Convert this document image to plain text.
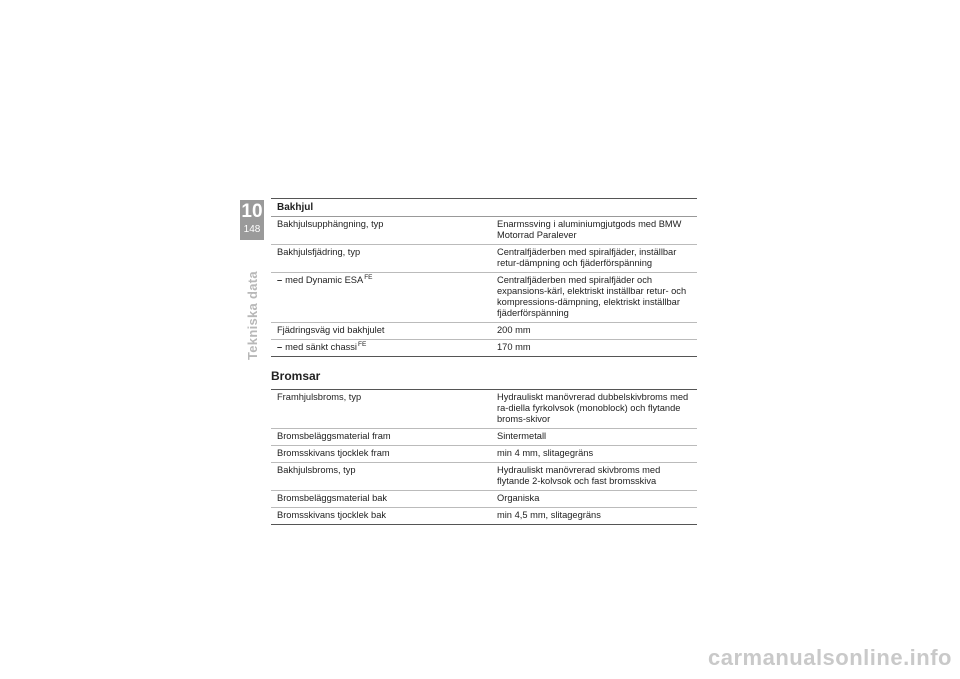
10
148
Tekniska data
Bakhjul
Bakhjulsupphängning, typ	Enarmssving i aluminiumgjutgods med BMW Motorrad Paralever
Bakhjulsfjädring, typ	Centralfjäderben med spiralfjäder, inställbar retur-dämpning och fjäderförspänning
– med Dynamic $ESA^{FE}$	Centralfjäderben med spiralfjäder och expansions-kärl, elektriskt inställbar retur- och kompressions-dämpning, elektriskt inställbar fjäderförspänning
Fjädringsväg vid bakhjulet	200 mm
– med sänkt chassi$^{FE}$	170 mm
Bromsar
Framhjulsbroms, typ	Hydrauliskt manövrerad dubbelskivbroms med ra-diella fyrkolvsok (monoblock) och flytande broms-skivor
Bromsbeläggsmaterial fram	Sintermetall
Bromsskivans tjocklek fram	min 4 mm, slitagegräns
Bakhjulsbroms, typ	Hydrauliskt manövrerad skivbroms med flytande 2-kolvsok och fast bromsskiva
Bromsbeläggsmaterial bak	Organiska
Bromsskivans tjocklek bak	min 4,5 mm, slitagegräns
carmanualsonline.info
